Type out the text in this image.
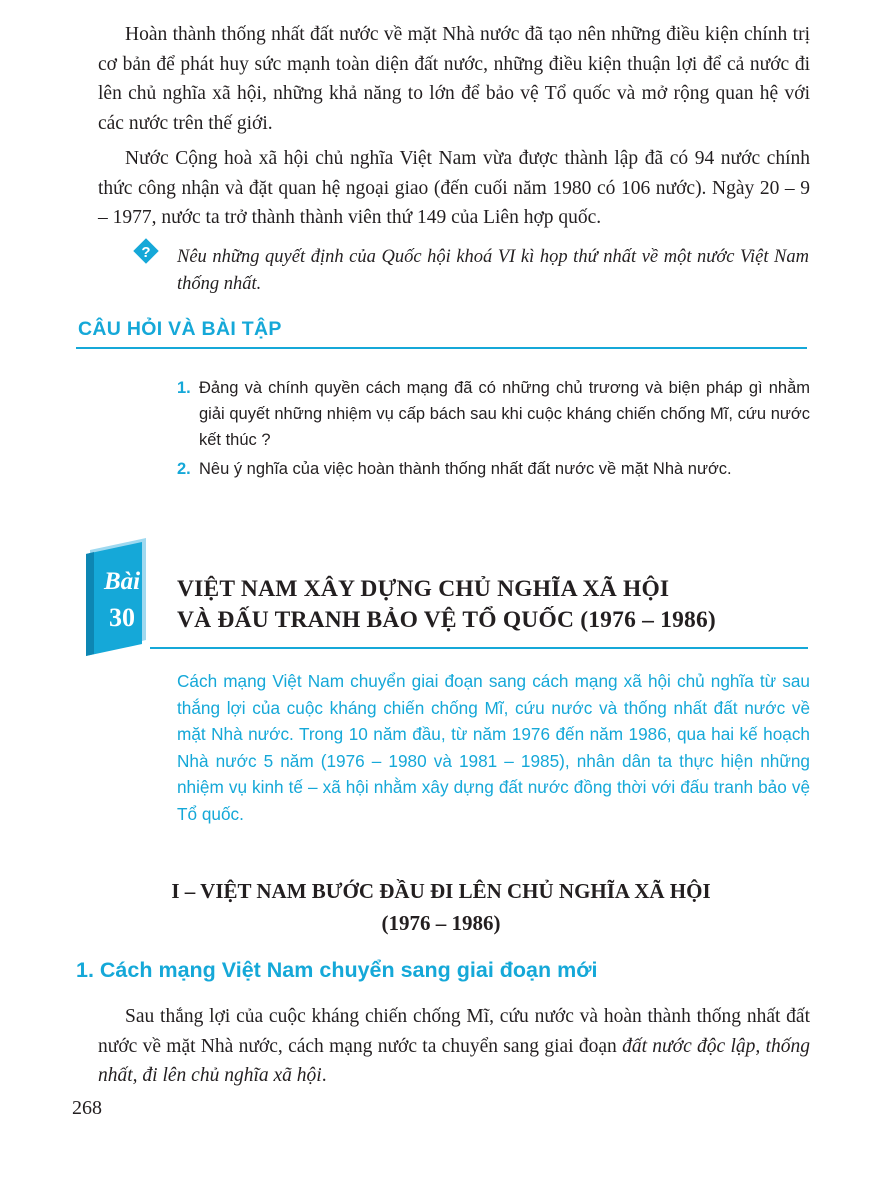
Hoàn thành thống nhất đất nước về mặt Nhà nước đã tạo nên những điều kiện chính trị cơ bản để phát huy sức mạnh toàn diện đất nước, những điều kiện thuận lợi để cả nước đi lên chủ nghĩa xã hội, những khả năng to lớn để bảo vệ Tổ quốc và mở rộng quan hệ với các nước trên thế giới.

Nước Cộng hoà xã hội chủ nghĩa Việt Nam vừa được thành lập đã có 94 nước chính thức công nhận và đặt quan hệ ngoại giao (đến cuối năm 1980 có 106 nước). Ngày 20 – 9 – 1977, nước ta trở thành thành viên thứ 149 của Liên hợp quốc.

? Nêu những quyết định của Quốc hội khoá VI kì họp thứ nhất về một nước Việt Nam thống nhất.

CÂU HỎI VÀ BÀI TẬP
1. Đảng và chính quyền cách mạng đã có những chủ trương và biện pháp gì nhằm giải quyết những nhiệm vụ cấp bách sau khi cuộc kháng chiến chống Mĩ, cứu nước kết thúc ?
2. Nêu ý nghĩa của việc hoàn thành thống nhất đất nước về mặt Nhà nước.
Bài
30
VIỆT NAM XÂY DỰNG CHỦ NGHĨA XÃ HỘI
VÀ ĐẤU TRANH BẢO VỆ TỔ QUỐC (1976 – 1986)

Cách mạng Việt Nam chuyển giai đoạn sang cách mạng xã hội chủ nghĩa từ sau thắng lợi của cuộc kháng chiến chống Mĩ, cứu nước và thống nhất đất nước về mặt Nhà nước. Trong 10 năm đầu, từ năm 1976 đến năm 1986, qua hai kế hoạch Nhà nước 5 năm (1976 – 1980 và 1981 – 1985), nhân dân ta thực hiện những nhiệm vụ kinh tế – xã hội nhằm xây dựng đất nước đồng thời với đấu tranh bảo vệ Tổ quốc.

I – VIỆT NAM BƯỚC ĐẦU ĐI LÊN CHỦ NGHĨA XÃ HỘI
(1976 – 1986)
1. Cách mạng Việt Nam chuyển sang giai đoạn mới

Sau thắng lợi của cuộc kháng chiến chống Mĩ, cứu nước và hoàn thành thống nhất đất nước về mặt Nhà nước, cách mạng nước ta chuyển sang giai đoạn đất nước độc lập, thống nhất, đi lên chủ nghĩa xã hội.

268
